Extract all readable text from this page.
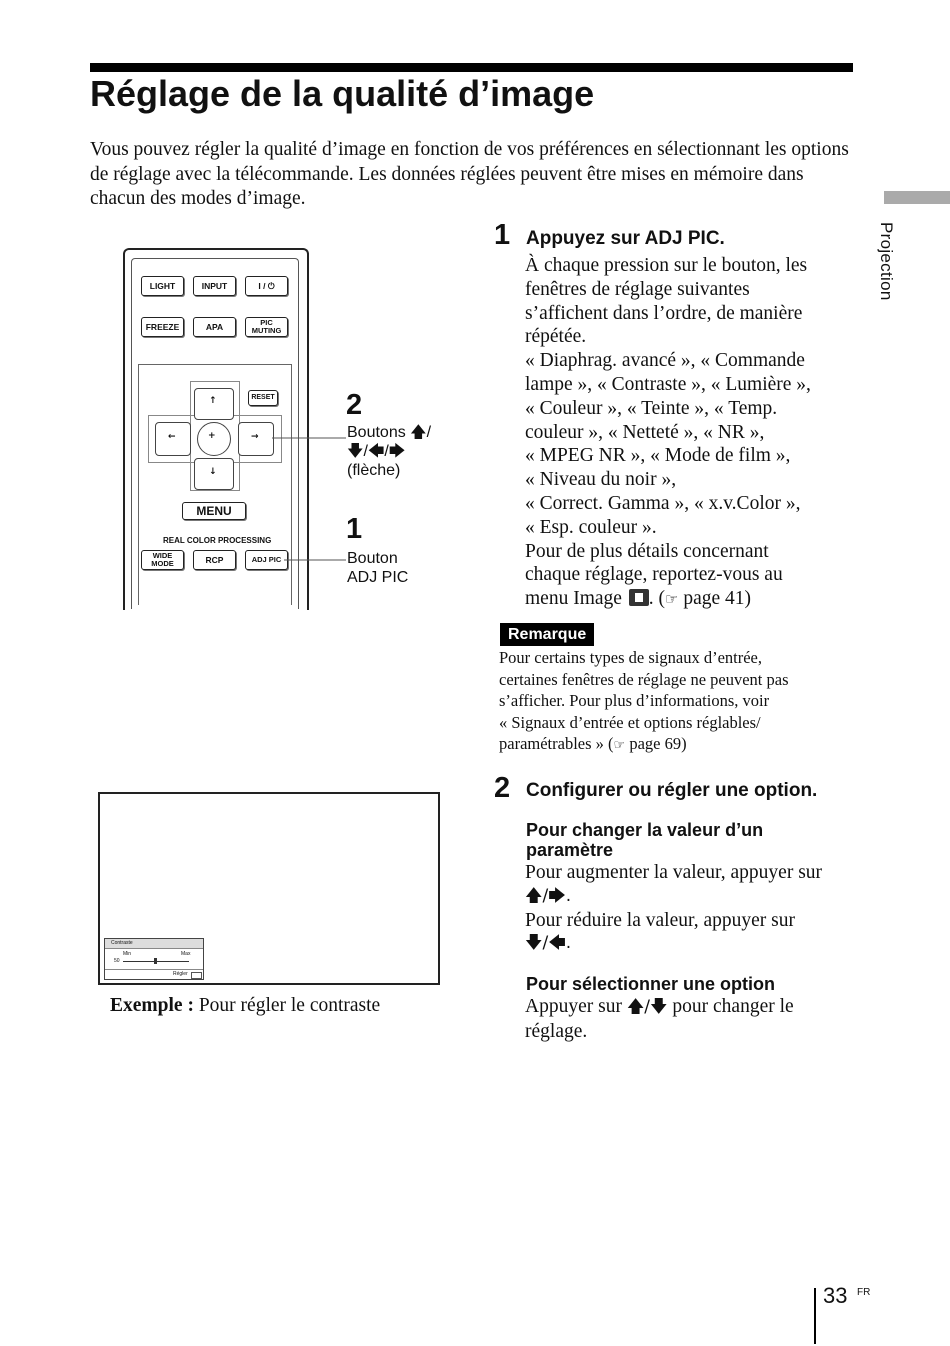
Réglage de la qualité d’image

Vous pouvez régler la qualité d’image en fonction de vos préférences en sélectionnant les options de réglage avec la télécommande. Les données réglées peuvent être mises en mémoire dans chacun des modes d’image.

Projection
LIGHT	INPUT	I / ⏻
FREEZE	APA	PIC MUTING
↑
↓
←	→
+
RESET
MENU
REAL COLOR PROCESSING
WIDE MODE	RCP	ADJ PIC
2
Boutons 🡅/
🡇/🡄/🡆
(flèche)
1
Bouton
ADJ PIC
1 Appuyez sur ADJ PIC.
À chaque pression sur le bouton, les
fenêtres de réglage suivantes
s’affichent dans l’ordre, de manière
répétée.
« Diaphrag. avancé », « Commande
lampe », « Contraste », « Lumière »,
« Couleur », « Teinte », « Temp.
couleur », « Netteté », « NR »,
« MPEG NR », « Mode de film »,
« Niveau du noir »,
« Correct. Gamma », « x.v.Color »,
« Esp. couleur ».
Pour de plus détails concernant
chaque réglage, reportez-vous au
menu Image . (☞ page 41)
Remarque
Pour certains types de signaux d’entrée,
certaines fenêtres de réglage ne peuvent pas
s’afficher. Pour plus d’informations, voir
« Signaux d’entrée et options réglables/
paramétrables » (☞ page 69)
2 Configurer ou régler une option.
Pour changer la valeur d’un
paramètre
Pour augmenter la valeur, appuyer sur
🡅/🡆.
Pour réduire la valeur, appuyer sur
🡇/🡄.
Pour sélectionner une option
Appuyer sur 🡅/🡇 pour changer le
réglage.
Contraste
Min	Max
50
Régler
Exemple : Pour régler le contraste
33 FR
